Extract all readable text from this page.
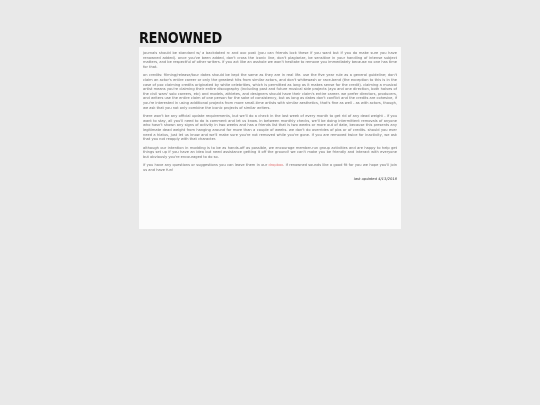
RENOWNED

journals should be standard w/ a backdated rc and ooc post (you can friends lock these if you want but if you do make sure you have renowned added). once you've been added, don't cross the iconic line, don't plagiarize, be sensitive in your handling of intense subject matters, and be respectful of other writers. if you act like an asshole we won't hesitate to remove you immediately because no one has time for that.

on credits: filming/release/tour dates should be kept the same as they are in real life. use the five year rule as a general guideline; don't claim an actor's entire career or only the greatest hits from similar actors, and don't whitewash or race-bend (the exception to this is in the case of poc claiming credits originated by white celebrities, which is permitted as long as it makes sense for the credit). claiming a musical artist means you're claiming their entire discography (including past and future musical side projects (ayo and one direction, both halves of the civil wars' solo careers, etc) and models, athletes, and designers should have their claim's entire career. we prefer directors, producers, and writers use the entire claim of one person for the sake of consistency, but as long as dates don't conflict and the credits are cohesive, if you're interested in using additional projects from more small-time artists with similar aesthetics, that's fine as well - as with actors, though, we ask that you not only combine the iconic projects of similar writers.

there won't be any official update requirements, but we'll do a check in the last week of every month to get rid of any dead weight - if you want to stay, all you'll need to do is comment and let us know. in between monthly checks, we'll be doing intermittent removals of anyone who hasn't shown any signs of activity in two weeks and has a friends list that is two weeks or more out of date, because this presents any legitimate dead weight from hanging around for more than a couple of weeks. we don't do overrides of pbs or of credits. should you ever need a hiatus, just let us know and we'll make sure you're not removed while you're gone. if you are removed twice for inactivity, we ask that you not reapply with that character.

although our intention in modding is to be as hands-off as possible, we encourage member-run group activities and are happy to help get things set up if you have an idea but need assistance getting it off the ground! we can't make you be friendly and interact with everyone but obviously you're encouraged to do so.

if you have any questions or suggestions you can leave them in our dropbox. if renowned sounds like a good fit for you we hope you'll join us and have fun!

last updated 4/13/2018
